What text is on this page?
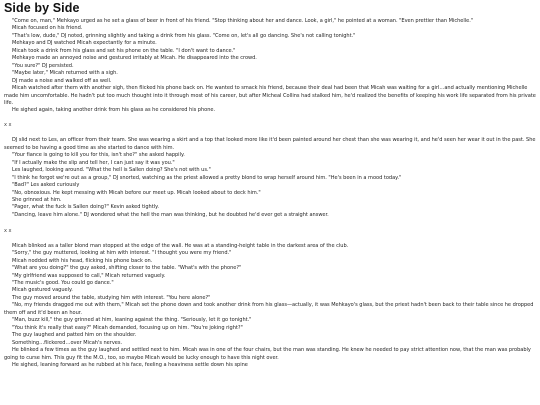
Side by Side

"Come on, man," Mehkayo urged as he set a glass of beer in front of his friend. "Stop thinking about her and dance. Look, a girl," he pointed at a woman. "Even prettier than Michelle."

Micah focused on his friend.

"That's low, dude," DJ noted, grinning slightly and taking a drink from his glass. "Come on, let's all go dancing. She's not calling tonight."

Mehkayo and DJ watched Micah expectantly for a minute.

Micah took a drink from his glass and set his phone on the table. "I don't want to dance."

Mehkayo made an annoyed noise and gestured irritably at Micah. He disappeared into the crowd.

"You sure?" DJ persisted.

"Maybe later," Micah returned with a sigh.

DJ made a noise and walked off as well.

Micah watched after them with another sigh, then flicked his phone back on. He wanted to smack his friend, because their deal had been that Micah was waiting for a girl…and actually mentioning Michelle made him uncomfortable. He hadn't put too much thought into it through most of his career, but after Micheal Collins had stalked him, he'd realized the benefits of keeping his work life separated from his private life.

He sighed again, taking another drink from his glass as he considered his phone.

x x

DJ slid next to Les, an officer from their team. She was wearing a skirt and a top that looked more like it'd been painted around her chest than she was wearing it, and he'd seen her wear it out in the past. She seemed to be having a good time as she started to dance with him.

"Your fiance is going to kill you for this, isn't she?" she asked happily.

"If I actually make the slip and tell her, I can just say it was you."

Les laughed, looking around. "What the hell is Sallen doing? She's not with us."

"I think he forgot we're out as a group," DJ snorted, watching as the priest allowed a pretty blond to wrap herself around him. "He's been in a mood today."

"Bad?" Les asked curiously

"No, obnoxious. He kept messing with Micah before our meet up. Micah looked about to deck him."

She grinned at him.

"Pager, what the fuck is Sallen doing?" Kevin asked tightly.

"Dancing, leave him alone." DJ wondered what the hell the man was thinking, but he doubted he'd ever get a straight answer.

x x

Micah blinked as a taller blond man stopped at the edge of the wall. He was at a standing-height table in the darkest area of the club.

"Sorry," the guy muttered, looking at him with interest. "I thought you were my friend."

Micah nodded with his head, flicking his phone back on.

"What are you doing?" the guy asked, shifting closer to the table. "What's with the phone?"

"My girlfriend was supposed to call," Micah returned vaguely.

"The music's good. You could go dance."

Micah gestured vaguely.

The guy moved around the table, studying him with interest. "You here alone?"

"No, my friends dragged me out with them," Micah set the phone down and took another drink from his glass—actually, it was Mehkayo's glass, but the priest hadn't been back to their table since he dropped them off and it'd been an hour.

"Man, buzz kill," the guy grinned at him, leaning against the thing. "Seriously, let it go tonight."

"You think it's really that easy?" Micah demanded, focusing up on him. "You're joking right?"

The guy laughed and patted him on the shoulder.

Something…flickered…over Micah's nerves.

He blinked a few times as the guy laughed and settled next to him. Micah was in one of the four chairs, but the man was standing. He knew he needed to pay strict attention now, that the man was probably going to curse him. This guy fit the M.O., too, so maybe Micah would be lucky enough to have this night over.

He sighed, leaning forward as he rubbed at his face, feeling a heaviness settle down his spine
